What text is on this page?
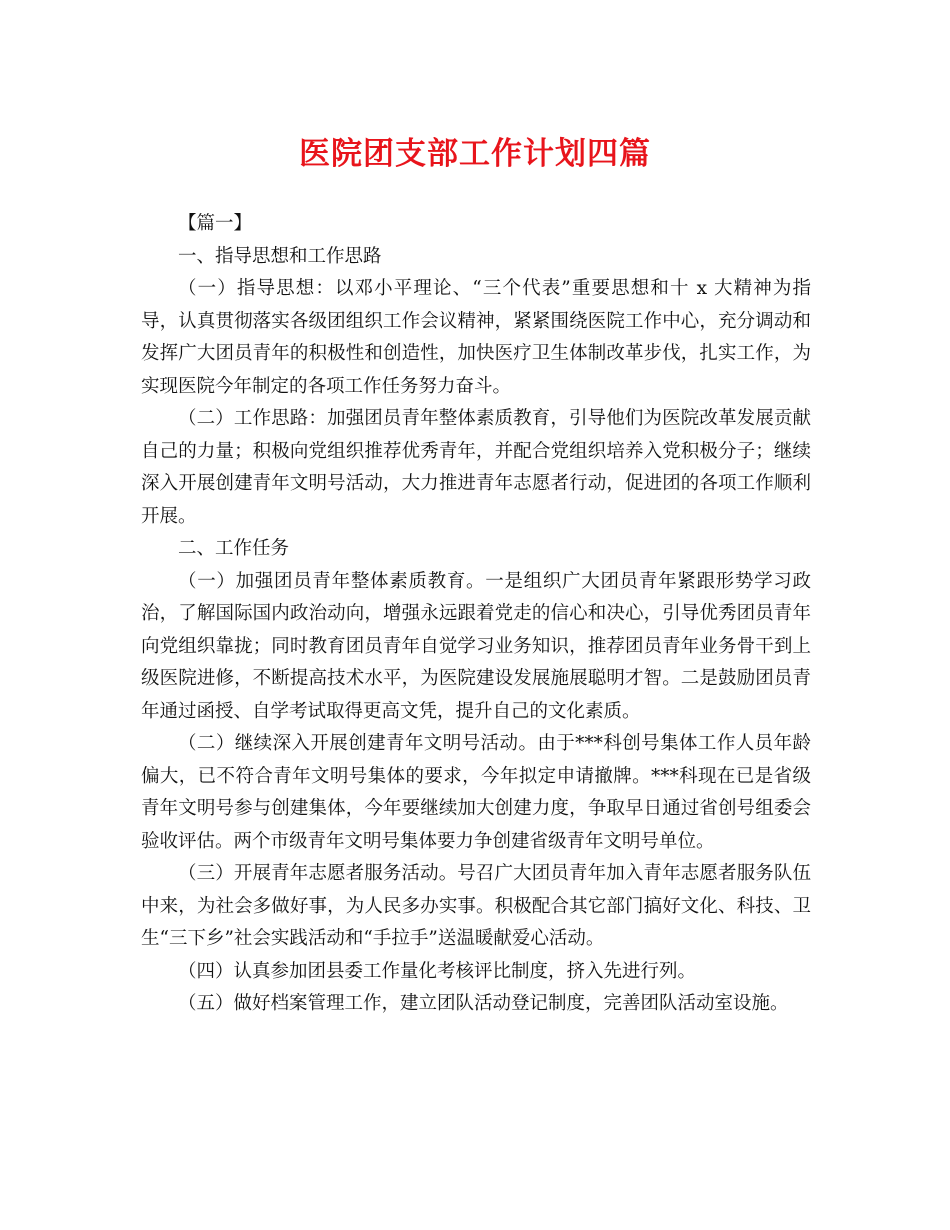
医院团支部工作计划四篇

【篇一】

一、指导思想和工作思路

（一）指导思想：以邓小平理论、“三个代表”重要思想和十 x 大精神为指导，认真贯彻落实各级团组织工作会议精神，紧紧围绕医院工作中心，充分调动和发挥广大团员青年的积极性和创造性，加快医疗卫生体制改革步伐，扎实工作，为实现医院今年制定的各项工作任务努力奋斗。

（二）工作思路：加强团员青年整体素质教育，引导他们为医院改革发展贡献自己的力量；积极向党组织推荐优秀青年，并配合党组织培养入党积极分子；继续深入开展创建青年文明号活动，大力推进青年志愿者行动，促进团的各项工作顺利开展。

二、工作任务

（一）加强团员青年整体素质教育。一是组织广大团员青年紧跟形势学习政治，了解国际国内政治动向，增强永远跟着党走的信心和决心，引导优秀团员青年向党组织靠拢；同时教育团员青年自觉学习业务知识，推荐团员青年业务骨干到上级医院进修，不断提高技术水平，为医院建设发展施展聪明才智。二是鼓励团员青年通过函授、自学考试取得更高文凭，提升自己的文化素质。

（二）继续深入开展创建青年文明号活动。由于***科创号集体工作人员年龄偏大，已不符合青年文明号集体的要求，今年拟定申请撤牌。***科现在已是省级青年文明号参与创建集体，今年要继续加大创建力度，争取早日通过省创号组委会验收评估。两个市级青年文明号集体要力争创建省级青年文明号单位。

（三）开展青年志愿者服务活动。号召广大团员青年加入青年志愿者服务队伍中来，为社会多做好事，为人民多办实事。积极配合其它部门搞好文化、科技、卫生“三下乡”社会实践活动和“手拉手”送温暖献爱心活动。

（四）认真参加团县委工作量化考核评比制度，挤入先进行列。

（五）做好档案管理工作，建立团队活动登记制度，完善团队活动室设施。
